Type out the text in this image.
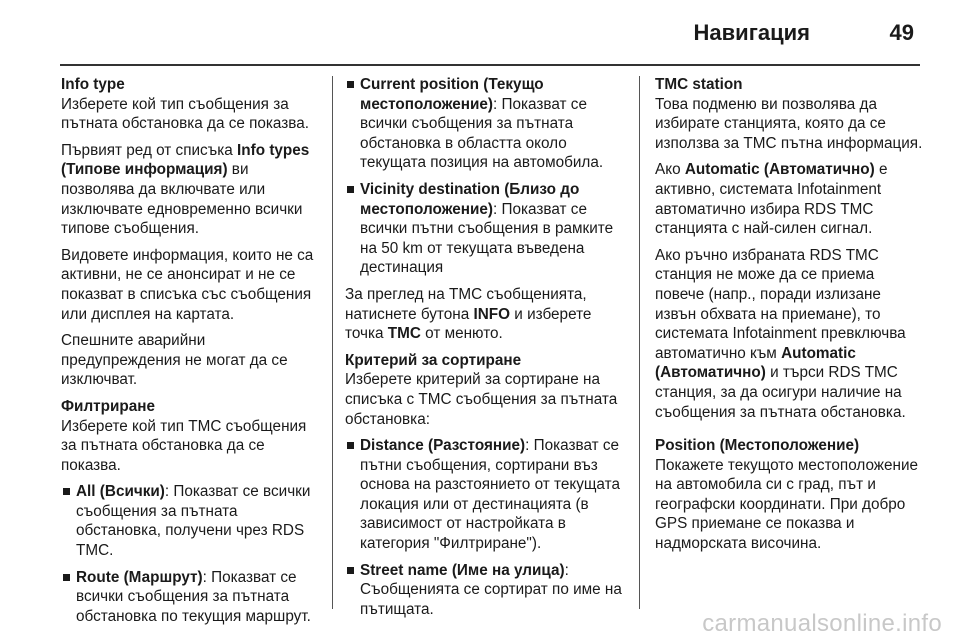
Навигация	49
Info type

Изберете кой тип съобщения за пътната обстановка да се показва.

Първият ред от списъка Info types (Типове информация) ви позволява да включвате или изключвате едновременно всички типове съобщения.

Видовете информация, които не са активни, не се анонсират и не се показват в списъка със съобщения или дисплея на картата.

Спешните аварийни предупреждения не могат да се изключват.

Филтриране

Изберете кой тип TMC съобщения за пътната обстановка да се показва.

All (Всички): Показват се всички съобщения за пътната обстановка, получени чрез RDS TMC.
Route (Маршрут): Показват се всички съобщения за пътната обстановка по текущия маршрут.
Current position (Текущо местоположение): Показват се всички съобщения за пътната обстановка в областта около текущата позиция на автомобила.
Vicinity destination (Близо до местоположение): Показват се всички пътни съобщения в рамките на 50 km от текущата въведена дестинация

За преглед на TMC съобщенията, натиснете бутона INFO и изберете точка TMC от менюто.

Критерий за сортиране

Изберете критерий за сортиране на списъка с TMC съобщения за пътната обстановка:

Distance (Разстояние): Показват се пътни съобщения, сортирани въз основа на разстоянието от текущата локация или от дестинацията (в зависимост от настройката в категория "Филтриране").
Street name (Име на улица): Съобщенията се сортират по име на пътищата.
TMC station

Това подменю ви позволява да избирате станцията, която да се използва за TMC пътна информация.

Ако Automatic (Автоматично) е активно, системата Infotainment автоматично избира RDS TMC станцията с най-силен сигнал.

Ако ръчно избраната RDS TMC станция не може да се приема повече (напр., поради излизане извън обхвата на приемане), то системата Infotainment превключва автоматично към Automatic (Автоматично) и търси RDS TMC станция, за да осигури наличие на съобщения за пътната обстановка.

Position (Местоположение)

Покажете текущото местоположение на автомобила си с град, път и географски координати. При добро GPS приемане се показва и надморската височина.

carmanualsonline.info
